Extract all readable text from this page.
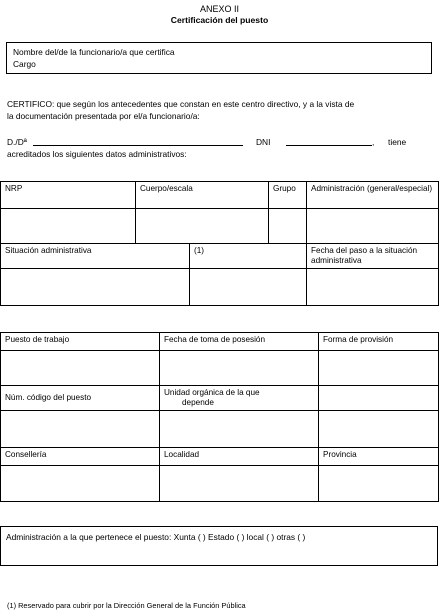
ANEXO II
Certificación del puesto
Nombre del/de la funcionario/a que certifica
Cargo
CERTIFICO: que según los antecedentes que constan en este centro directivo, y a la vista de
la documentación presentada por el/a funcionario/a:
D./Dª	DNI	, tiene
acreditados los siguientes datos administrativos:
NRP	Cuerpo/escala		Grupo	Administración (general/especial)

Situación administrativa		(1)		Fecha del paso a la situación administrativa

Puesto de trabajo	Fecha de toma de posesión	Forma de provisión

Núm. código del puesto	Unidad orgánica de la que
depende	

Consellería	Localidad	Provincia

Administración a la que pertenece el puesto: Xunta ( ) Estado ( ) local ( ) otras ( )
(1) Reservado para cubrir por la Dirección General de la Función Pública
